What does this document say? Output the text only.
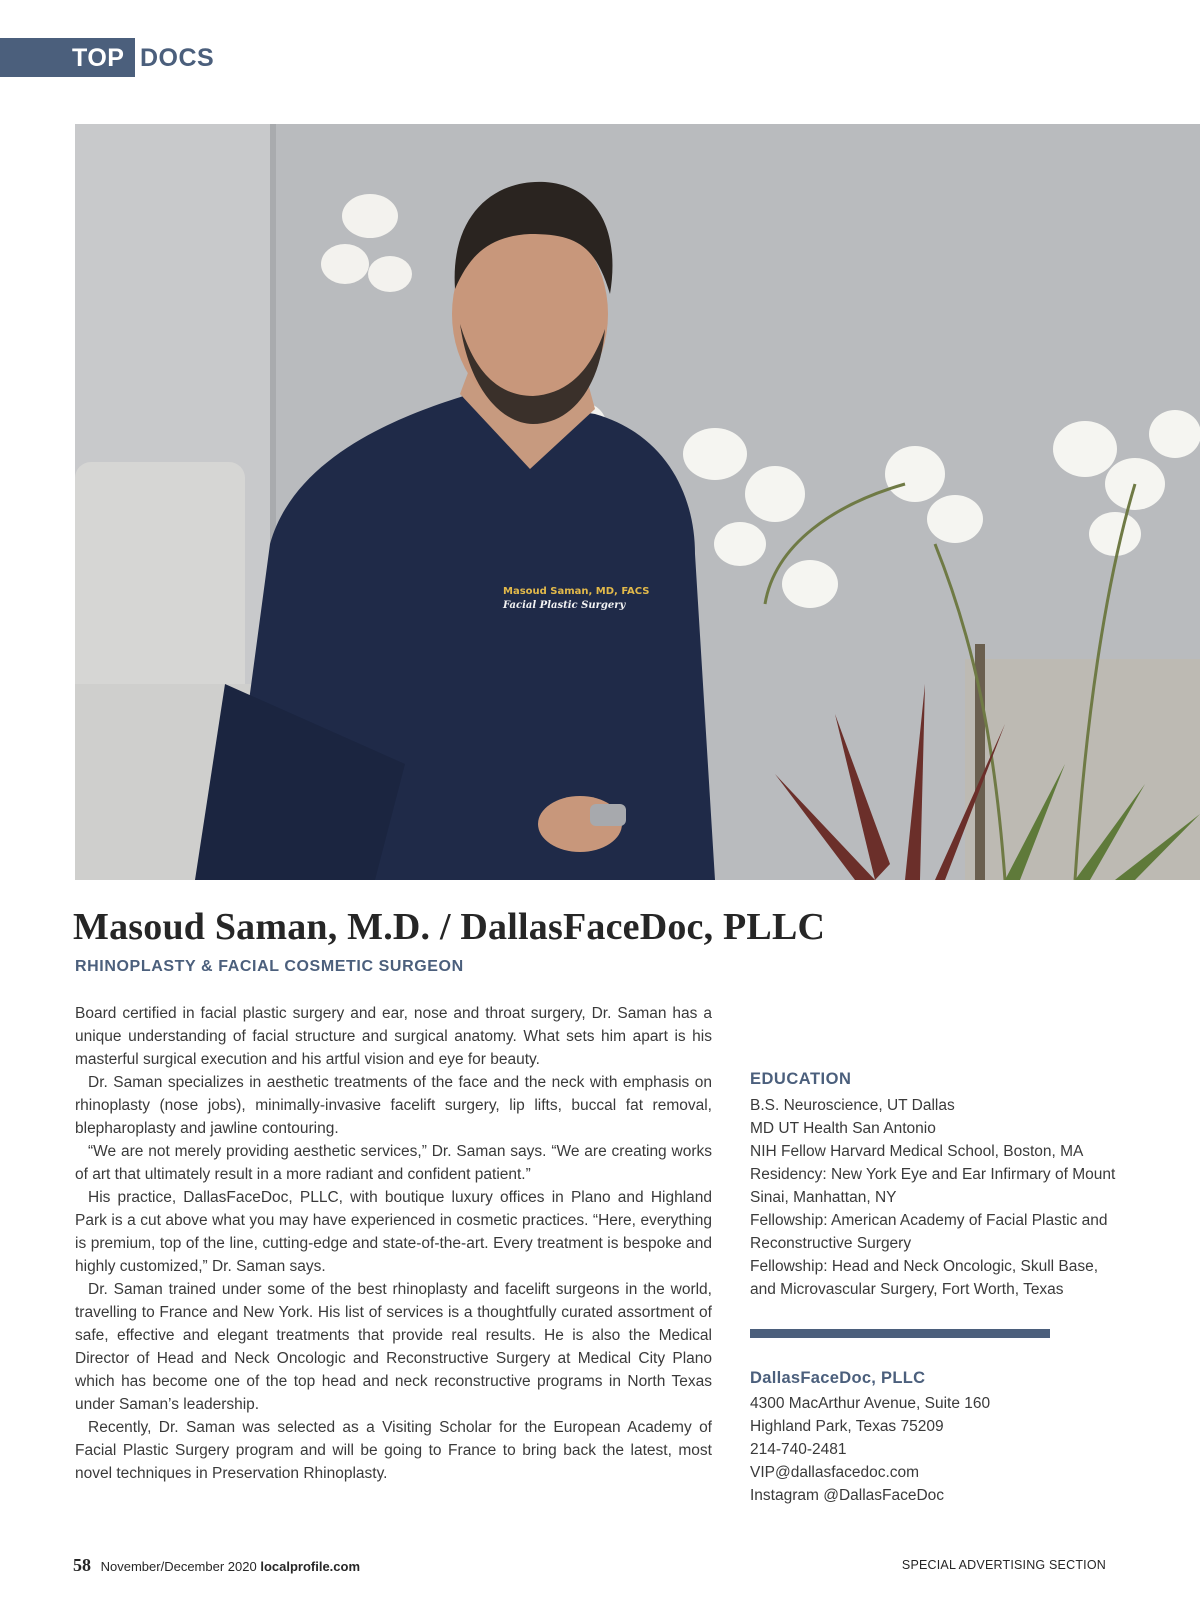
TOP DOCS
Masoud Saman, MD, FACS
Facial Plastic Surgery
Masoud Saman, M.D. / DallasFaceDoc, PLLC
RHINOPLASTY & FACIAL COSMETIC SURGEON

Board certified in facial plastic surgery and ear, nose and throat surgery, Dr. Saman has a unique understanding of facial structure and surgical anatomy. What sets him apart is his masterful surgical execution and his artful vision and eye for beauty.

Dr. Saman specializes in aesthetic treatments of the face and the neck with emphasis on rhinoplasty (nose jobs), minimally-invasive facelift surgery, lip lifts, buccal fat removal, blepharoplasty and jawline contouring.

“We are not merely providing aesthetic services,” Dr. Saman says. “We are creating works of art that ultimately result in a more radiant and confident patient.”

His practice, DallasFaceDoc, PLLC, with boutique luxury offices in Plano and Highland Park is a cut above what you may have experienced in cosmetic practices. “Here, everything is premium, top of the line, cutting-edge and state-of-the-art. Every treatment is bespoke and highly customized,” Dr. Saman says.

Dr. Saman trained under some of the best rhinoplasty and facelift surgeons in the world, travelling to France and New York. His list of services is a thoughtfully curated assortment of safe, effective and elegant treatments that provide real results. He is also the Medical Director of Head and Neck Oncologic and Reconstructive Surgery at Medical City Plano which has become one of the top head and neck reconstructive programs in North Texas under Saman’s leadership.

Recently, Dr. Saman was selected as a Visiting Scholar for the European Academy of Facial Plastic Surgery program and will be going to France to bring back the latest, most novel techniques in Preservation Rhinoplasty.

EDUCATION
B.S. Neuroscience, UT Dallas
MD UT Health San Antonio
NIH Fellow Harvard Medical School, Boston, MA
Residency: New York Eye and Ear Infirmary of Mount Sinai, Manhattan, NY
Fellowship: American Academy of Facial Plastic and Reconstructive Surgery
Fellowship: Head and Neck Oncologic, Skull Base, and Microvascular Surgery, Fort Worth, Texas
DallasFaceDoc, PLLC
4300 MacArthur Avenue, Suite 160
Highland Park, Texas 75209
214-740-2481
VIP@dallasfacedoc.com
Instagram @DallasFaceDoc
58 November/December 2020 localprofile.com	SPECIAL ADVERTISING SECTION
